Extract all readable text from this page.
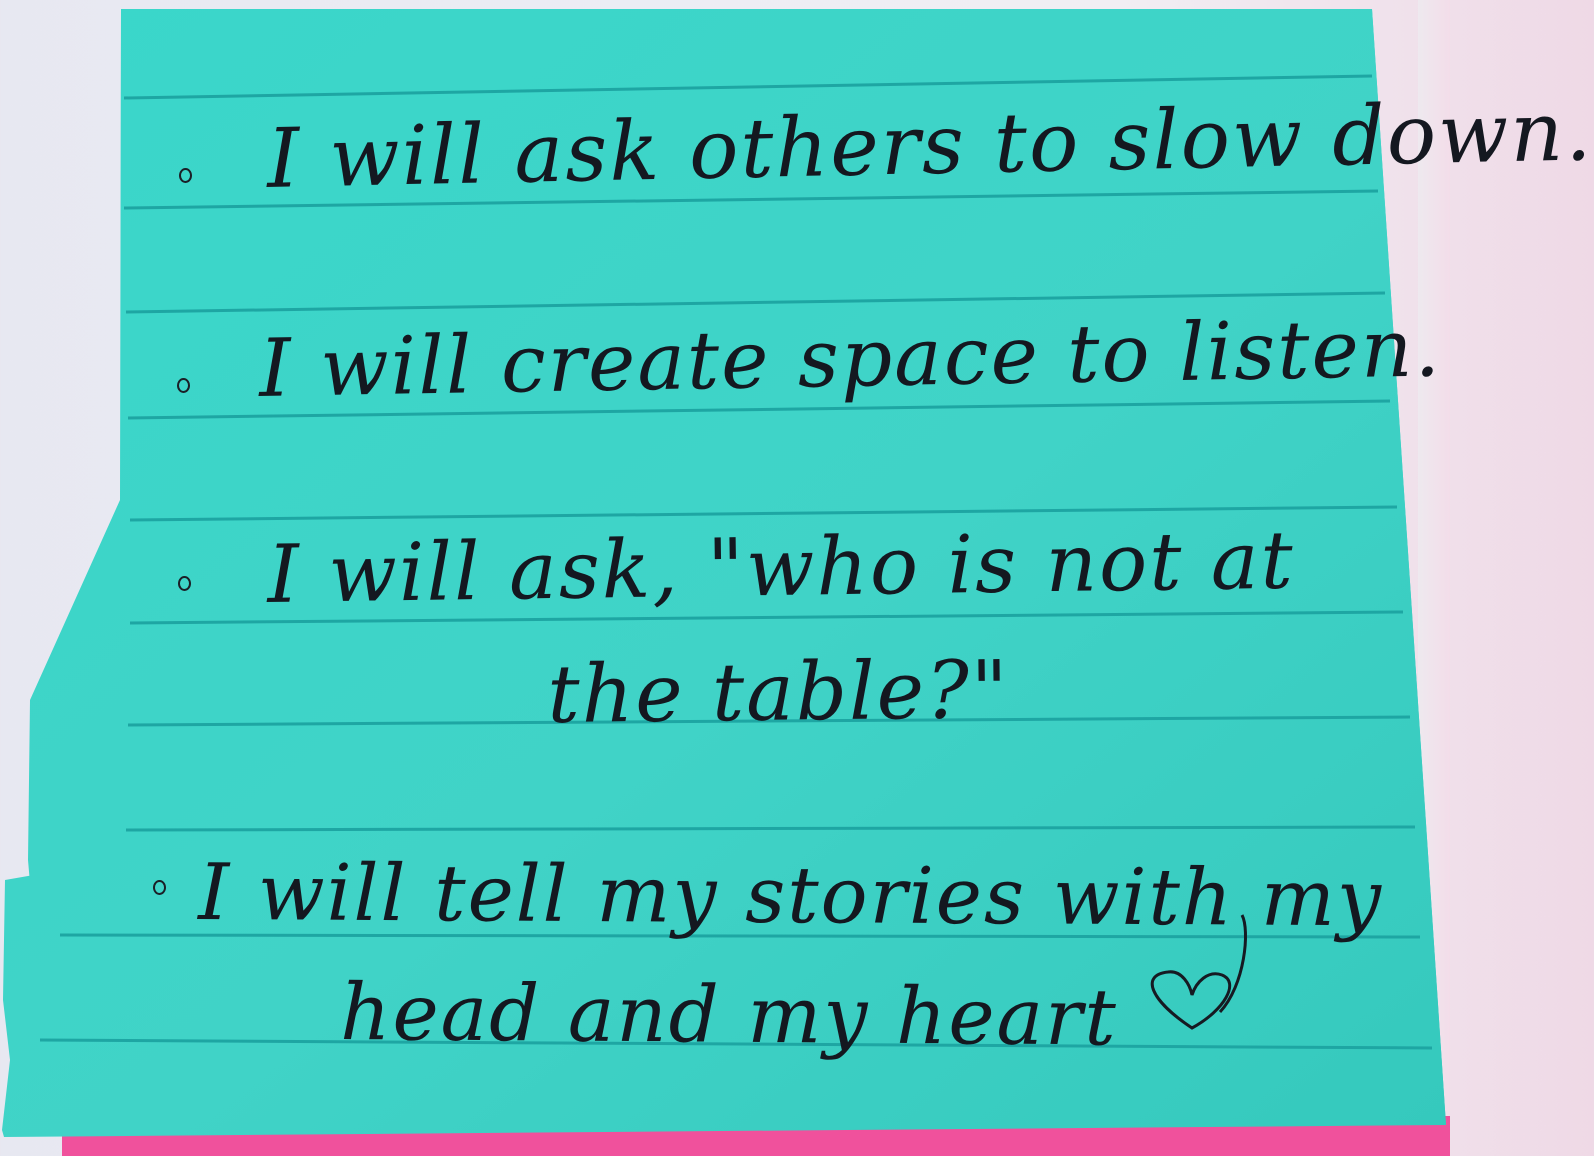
I will ask others to slow down.
I will create space to listen.
I will ask, "who is not at
the table?"
I will tell my stories with my
head and my heart
